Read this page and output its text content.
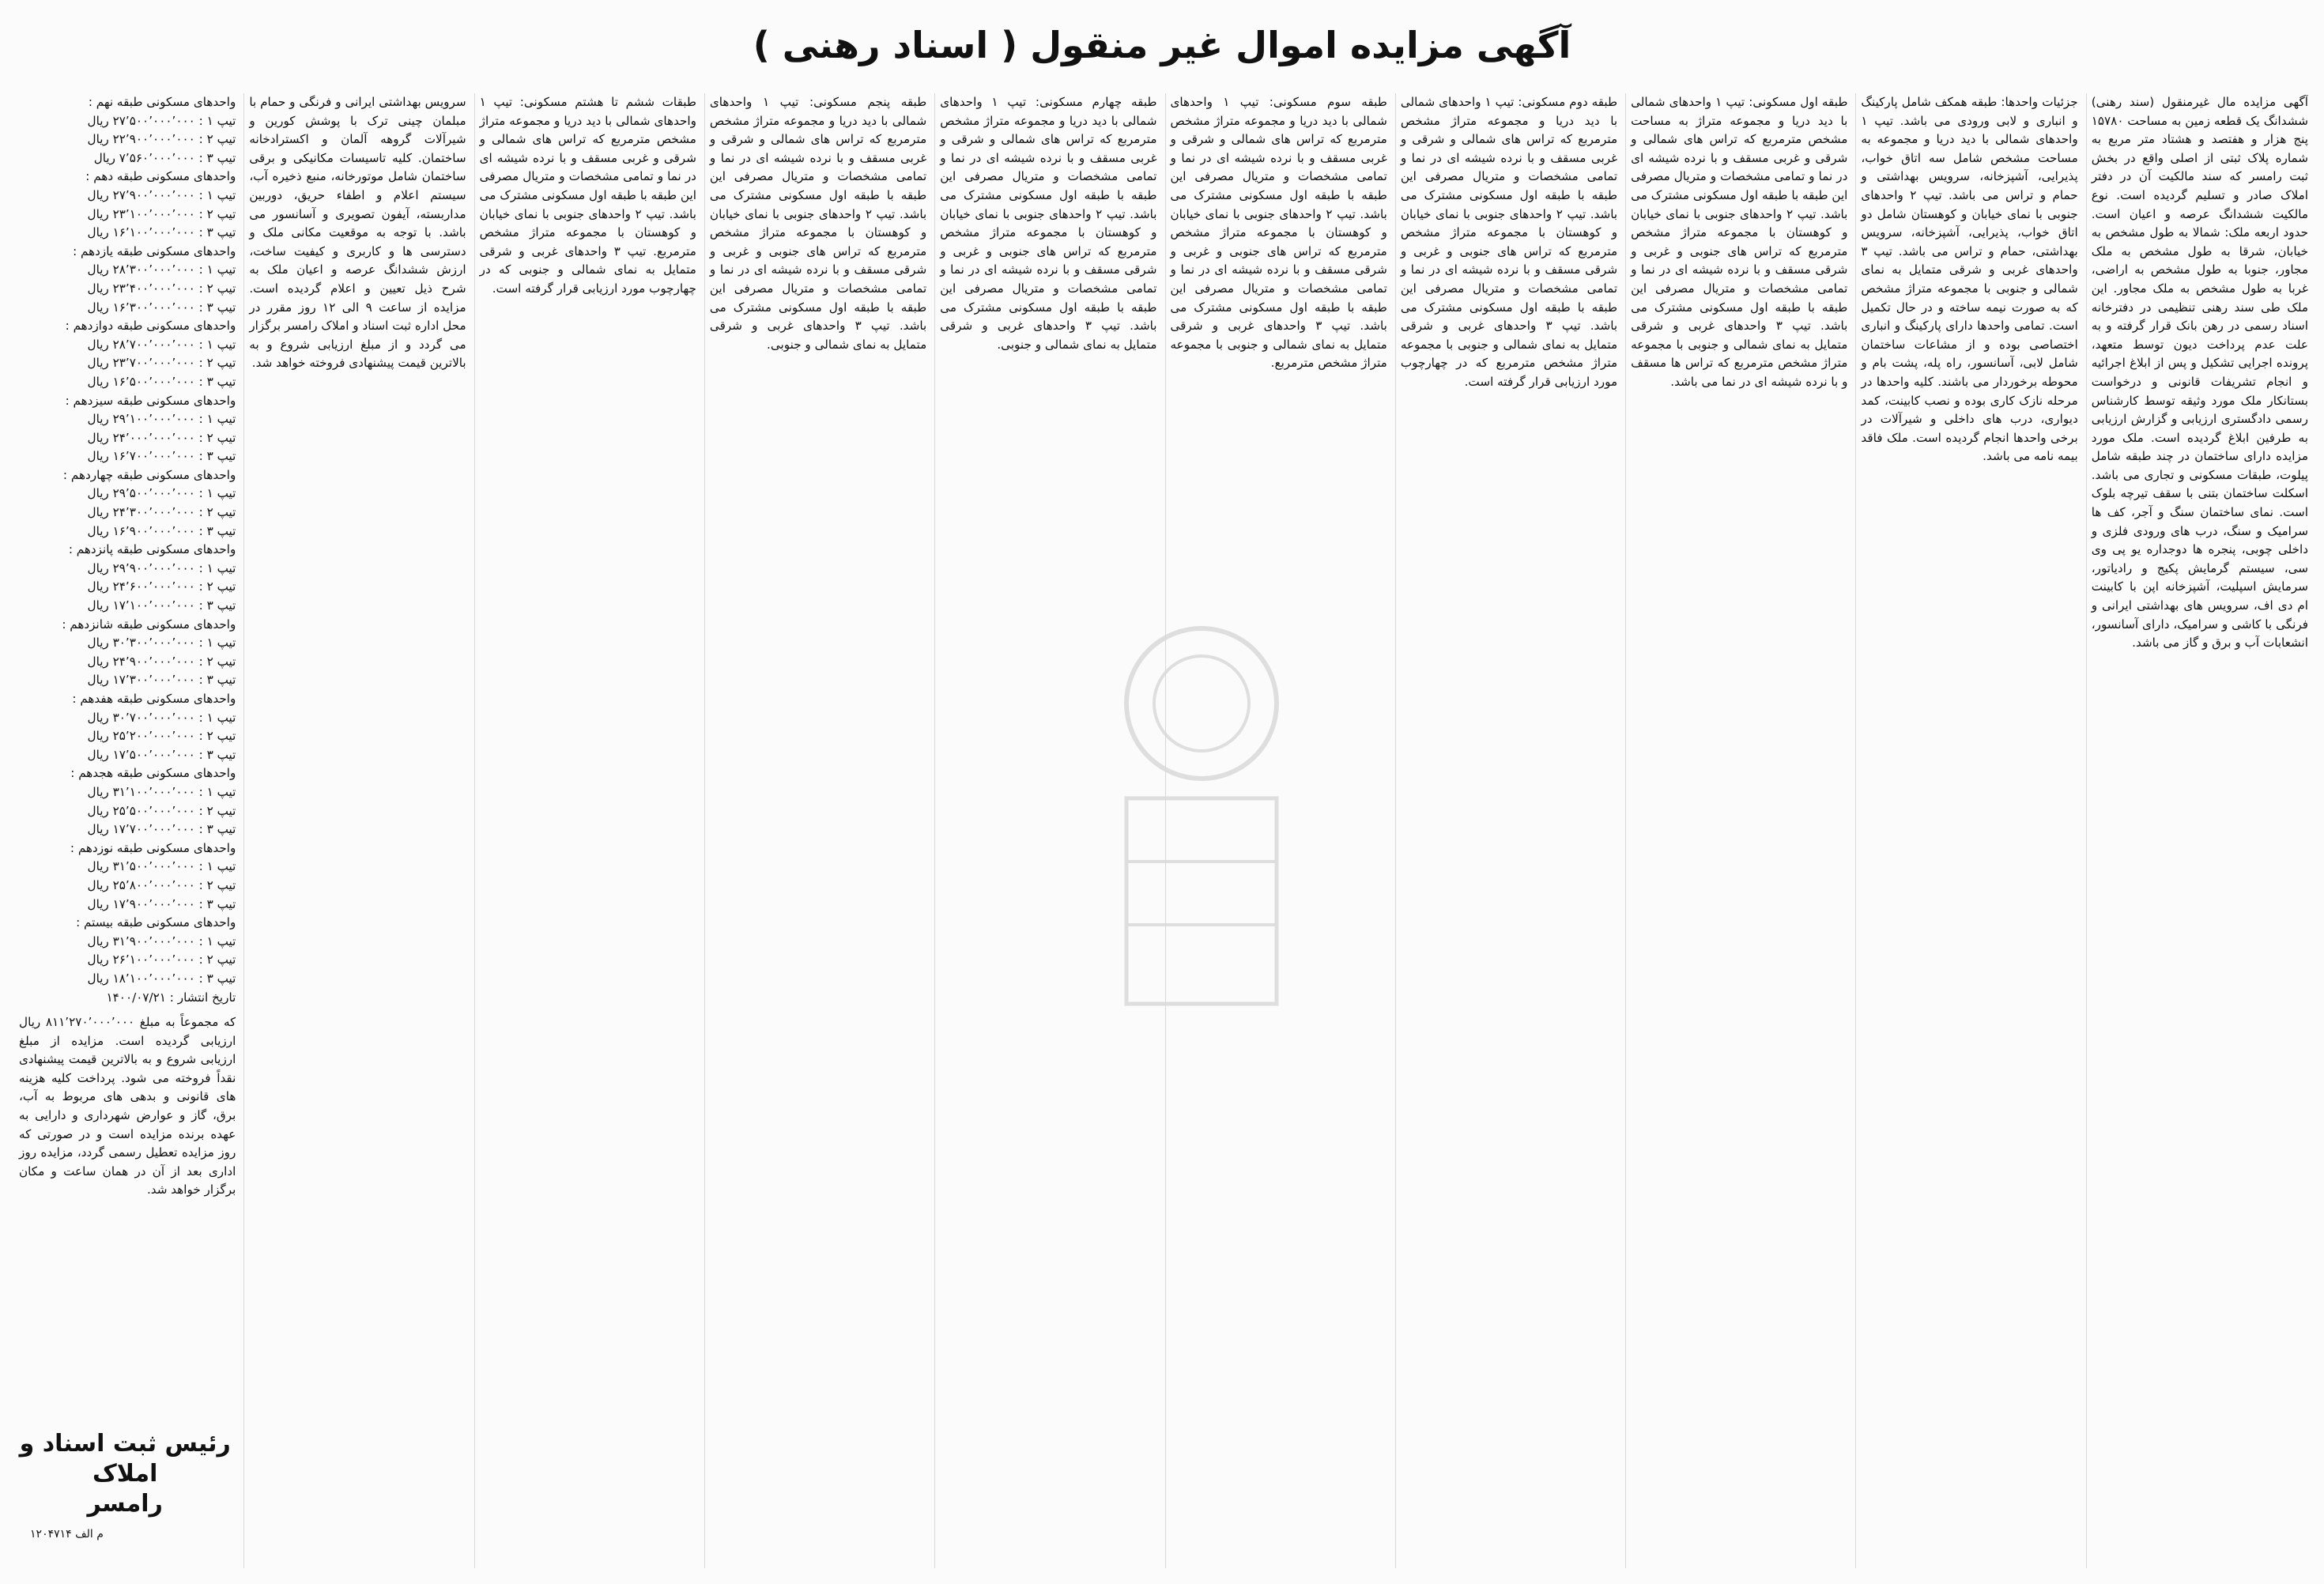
آگهی مزایده اموال غیر منقول ( اسناد رهنی )

آگهی مزایده مال غیرمنقول (سند رهنی) ششدانگ یک قطعه زمین به مساحت ۱۵۷۸۰ پنج هزار و هفتصد و هشتاد متر مربع به شماره پلاک ثبتی از اصلی واقع در بخش ثبت رامسر که سند مالکیت آن در دفتر املاک صادر و تسلیم گردیده است. نوع مالکیت ششدانگ عرصه و اعیان است. حدود اربعه ملک: شمالا به طول مشخص به خیابان، شرقا به طول مشخص به ملک مجاور، جنوبا به طول مشخص به اراضی، غربا به طول مشخص به ملک مجاور. این ملک طی سند رهنی تنظیمی در دفترخانه اسناد رسمی در رهن بانک قرار گرفته و به علت عدم پرداخت دیون توسط متعهد، پرونده اجرایی تشکیل و پس از ابلاغ اجرائیه و انجام تشریفات قانونی و درخواست بستانکار ملک مورد وثیقه توسط کارشناس رسمی دادگستری ارزیابی و گزارش ارزیابی به طرفین ابلاغ گردیده است. ملک مورد مزایده دارای ساختمان در چند طبقه شامل پیلوت، طبقات مسکونی و تجاری می باشد. اسکلت ساختمان بتنی با سقف تیرچه بلوک است. نمای ساختمان سنگ و آجر، کف ها سرامیک و سنگ، درب های ورودی فلزی و داخلی چوبی، پنجره ها دوجداره یو پی وی سی، سیستم گرمایش پکیج و رادیاتور، سرمایش اسپلیت، آشپزخانه اپن با کابینت ام دی اف، سرویس های بهداشتی ایرانی و فرنگی با کاشی و سرامیک، دارای آسانسور، انشعابات آب و برق و گاز می باشد.

جزئیات واحدها: طبقه همکف شامل پارکینگ و انباری و لابی ورودی می باشد. تیپ ۱ واحدهای شمالی با دید دریا و مجموعه به مساحت مشخص شامل سه اتاق خواب، پذیرایی، آشپزخانه، سرویس بهداشتی و حمام و تراس می باشد. تیپ ۲ واحدهای جنوبی با نمای خیابان و کوهستان شامل دو اتاق خواب، پذیرایی، آشپزخانه، سرویس بهداشتی، حمام و تراس می باشد. تیپ ۳ واحدهای غربی و شرقی متمایل به نمای شمالی و جنوبی با مجموعه متراژ مشخص که به صورت نیمه ساخته و در حال تکمیل است. تمامی واحدها دارای پارکینگ و انباری اختصاصی بوده و از مشاعات ساختمان شامل لابی، آسانسور، راه پله، پشت بام و محوطه برخوردار می باشند. کلیه واحدها در مرحله نازک کاری بوده و نصب کابینت، کمد دیواری، درب های داخلی و شیرآلات در برخی واحدها انجام گردیده است. ملک فاقد بیمه نامه می باشد.

طبقه اول مسکونی: تیپ ۱ واحدهای شمالی با دید دریا و مجموعه متراژ به مساحت مشخص مترمربع که تراس های شمالی و شرقی و غربی مسقف و با نرده شیشه ای در نما و تمامی مشخصات و متریال مصرفی این طبقه با طبقه اول مسکونی مشترک می باشد. تیپ ۲ واحدهای جنوبی با نمای خیابان و کوهستان با مجموعه متراژ مشخص مترمربع که تراس های جنوبی و غربی و شرقی مسقف و با نرده شیشه ای در نما و تمامی مشخصات و متریال مصرفی این طبقه با طبقه اول مسکونی مشترک می باشد. تیپ ۳ واحدهای غربی و شرقی متمایل به نمای شمالی و جنوبی با مجموعه متراژ مشخص مترمربع که تراس ها مسقف و با نرده شیشه ای در نما می باشد.

طبقه دوم مسکونی: تیپ ۱ واحدهای شمالی با دید دریا و مجموعه متراژ مشخص مترمربع که تراس های شمالی و شرقی و غربی مسقف و با نرده شیشه ای در نما و تمامی مشخصات و متریال مصرفی این طبقه با طبقه اول مسکونی مشترک می باشد. تیپ ۲ واحدهای جنوبی با نمای خیابان و کوهستان با مجموعه متراژ مشخص مترمربع که تراس های جنوبی و غربی و شرقی مسقف و با نرده شیشه ای در نما و تمامی مشخصات و متریال مصرفی این طبقه با طبقه اول مسکونی مشترک می باشد. تیپ ۳ واحدهای غربی و شرقی متمایل به نمای شمالی و جنوبی با مجموعه متراژ مشخص مترمربع که در چهارچوب مورد ارزیابی قرار گرفته است.

طبقه سوم مسکونی: تیپ ۱ واحدهای شمالی با دید دریا و مجموعه متراژ مشخص مترمربع که تراس های شمالی و شرقی و غربی مسقف و با نرده شیشه ای در نما و تمامی مشخصات و متریال مصرفی این طبقه با طبقه اول مسکونی مشترک می باشد. تیپ ۲ واحدهای جنوبی با نمای خیابان و کوهستان با مجموعه متراژ مشخص مترمربع که تراس های جنوبی و غربی و شرقی مسقف و با نرده شیشه ای در نما و تمامی مشخصات و متریال مصرفی این طبقه با طبقه اول مسکونی مشترک می باشد. تیپ ۳ واحدهای غربی و شرقی متمایل به نمای شمالی و جنوبی با مجموعه متراژ مشخص مترمربع.

طبقه چهارم مسکونی: تیپ ۱ واحدهای شمالی با دید دریا و مجموعه متراژ مشخص مترمربع که تراس های شمالی و شرقی و غربی مسقف و با نرده شیشه ای در نما و تمامی مشخصات و متریال مصرفی این طبقه با طبقه اول مسکونی مشترک می باشد. تیپ ۲ واحدهای جنوبی با نمای خیابان و کوهستان با مجموعه متراژ مشخص مترمربع که تراس های جنوبی و غربی و شرقی مسقف و با نرده شیشه ای در نما و تمامی مشخصات و متریال مصرفی این طبقه با طبقه اول مسکونی مشترک می باشد. تیپ ۳ واحدهای غربی و شرقی متمایل به نمای شمالی و جنوبی.

طبقه پنجم مسکونی: تیپ ۱ واحدهای شمالی با دید دریا و مجموعه متراژ مشخص مترمربع که تراس های شمالی و شرقی و غربی مسقف و با نرده شیشه ای در نما و تمامی مشخصات و متریال مصرفی این طبقه با طبقه اول مسکونی مشترک می باشد. تیپ ۲ واحدهای جنوبی با نمای خیابان و کوهستان با مجموعه متراژ مشخص مترمربع که تراس های جنوبی و غربی و شرقی مسقف و با نرده شیشه ای در نما و تمامی مشخصات و متریال مصرفی این طبقه با طبقه اول مسکونی مشترک می باشد. تیپ ۳ واحدهای غربی و شرقی متمایل به نمای شمالی و جنوبی.

طبقات ششم تا هشتم مسکونی: تیپ ۱ واحدهای شمالی با دید دریا و مجموعه متراژ مشخص مترمربع که تراس های شمالی و شرقی و غربی مسقف و با نرده شیشه ای در نما و تمامی مشخصات و متریال مصرفی این طبقه با طبقه اول مسکونی مشترک می باشد. تیپ ۲ واحدهای جنوبی با نمای خیابان و کوهستان با مجموعه متراژ مشخص مترمربع. تیپ ۳ واحدهای غربی و شرقی متمایل به نمای شمالی و جنوبی که در چهارچوب مورد ارزیابی قرار گرفته است.

سرویس بهداشتی ایرانی و فرنگی و حمام با مبلمان چینی ترک با پوشش کورین و شیرآلات گروهه آلمان و اکسترادخانه ساختمان. کلیه تاسیسات مکانیکی و برقی ساختمان شامل موتورخانه، منبع ذخیره آب، سیستم اعلام و اطفاء حریق، دوربین مداربسته، آیفون تصویری و آسانسور می باشد. با توجه به موقعیت مکانی ملک و دسترسی ها و کاربری و کیفیت ساخت، ارزش ششدانگ عرصه و اعیان ملک به شرح ذیل تعیین و اعلام گردیده است. مزایده از ساعت ۹ الی ۱۲ روز مقرر در محل اداره ثبت اسناد و املاک رامسر برگزار می گردد و از مبلغ ارزیابی شروع و به بالاترین قیمت پیشنهادی فروخته خواهد شد.

واحدهای مسکونی طبقه نهم :
تیپ ۱ : ۲۷٬۵۰۰٬۰۰۰٬۰۰۰ ریال
تیپ ۲ : ۲۲٬۹۰۰٬۰۰۰٬۰۰۰ ریال
تیپ ۳ : ۷٬۵۶۰٬۰۰۰٬۰۰۰ ریال
واحدهای مسکونی طبقه دهم :
تیپ ۱ : ۲۷٬۹۰۰٬۰۰۰٬۰۰۰ ریال
تیپ ۲ : ۲۳٬۱۰۰٬۰۰۰٬۰۰۰ ریال
تیپ ۳ : ۱۶٬۱۰۰٬۰۰۰٬۰۰۰ ریال
واحدهای مسکونی طبقه یازدهم :
تیپ ۱ : ۲۸٬۳۰۰٬۰۰۰٬۰۰۰ ریال
تیپ ۲ : ۲۳٬۴۰۰٬۰۰۰٬۰۰۰ ریال
تیپ ۳ : ۱۶٬۳۰۰٬۰۰۰٬۰۰۰ ریال
واحدهای مسکونی طبقه دوازدهم :
تیپ ۱ : ۲۸٬۷۰۰٬۰۰۰٬۰۰۰ ریال
تیپ ۲ : ۲۳٬۷۰۰٬۰۰۰٬۰۰۰ ریال
تیپ ۳ : ۱۶٬۵۰۰٬۰۰۰٬۰۰۰ ریال
واحدهای مسکونی طبقه سیزدهم :
تیپ ۱ : ۲۹٬۱۰۰٬۰۰۰٬۰۰۰ ریال
تیپ ۲ : ۲۴٬۰۰۰٬۰۰۰٬۰۰۰ ریال
تیپ ۳ : ۱۶٬۷۰۰٬۰۰۰٬۰۰۰ ریال
واحدهای مسکونی طبقه چهاردهم :
تیپ ۱ : ۲۹٬۵۰۰٬۰۰۰٬۰۰۰ ریال
تیپ ۲ : ۲۴٬۳۰۰٬۰۰۰٬۰۰۰ ریال
تیپ ۳ : ۱۶٬۹۰۰٬۰۰۰٬۰۰۰ ریال
واحدهای مسکونی طبقه پانزدهم :
تیپ ۱ : ۲۹٬۹۰۰٬۰۰۰٬۰۰۰ ریال
تیپ ۲ : ۲۴٬۶۰۰٬۰۰۰٬۰۰۰ ریال
تیپ ۳ : ۱۷٬۱۰۰٬۰۰۰٬۰۰۰ ریال
واحدهای مسکونی طبقه شانزدهم :
تیپ ۱ : ۳۰٬۳۰۰٬۰۰۰٬۰۰۰ ریال
تیپ ۲ : ۲۴٬۹۰۰٬۰۰۰٬۰۰۰ ریال
تیپ ۳ : ۱۷٬۳۰۰٬۰۰۰٬۰۰۰ ریال
واحدهای مسکونی طبقه هفدهم :
تیپ ۱ : ۳۰٬۷۰۰٬۰۰۰٬۰۰۰ ریال
تیپ ۲ : ۲۵٬۲۰۰٬۰۰۰٬۰۰۰ ریال
تیپ ۳ : ۱۷٬۵۰۰٬۰۰۰٬۰۰۰ ریال
واحدهای مسکونی طبقه هجدهم :
تیپ ۱ : ۳۱٬۱۰۰٬۰۰۰٬۰۰۰ ریال
تیپ ۲ : ۲۵٬۵۰۰٬۰۰۰٬۰۰۰ ریال
تیپ ۳ : ۱۷٬۷۰۰٬۰۰۰٬۰۰۰ ریال
واحدهای مسکونی طبقه نوزدهم :
تیپ ۱ : ۳۱٬۵۰۰٬۰۰۰٬۰۰۰ ریال
تیپ ۲ : ۲۵٬۸۰۰٬۰۰۰٬۰۰۰ ریال
تیپ ۳ : ۱۷٬۹۰۰٬۰۰۰٬۰۰۰ ریال
واحدهای مسکونی طبقه بیستم :
تیپ ۱ : ۳۱٬۹۰۰٬۰۰۰٬۰۰۰ ریال
تیپ ۲ : ۲۶٬۱۰۰٬۰۰۰٬۰۰۰ ریال
تیپ ۳ : ۱۸٬۱۰۰٬۰۰۰٬۰۰۰ ریال
تاریخ انتشار : ۱۴۰۰/۰۷/۲۱

که مجموعاً به مبلغ ۸۱۱٬۲۷۰٬۰۰۰٬۰۰۰ ریال ارزیابی گردیده است. مزایده از مبلغ ارزیابی شروع و به بالاترین قیمت پیشنهادی نقداً فروخته می شود. پرداخت کلیه هزینه های قانونی و بدهی های مربوط به آب، برق، گاز و عوارض شهرداری و دارایی به عهده برنده مزایده است و در صورتی که روز مزایده تعطیل رسمی گردد، مزایده روز اداری بعد از آن در همان ساعت و مکان برگزار خواهد شد.

رئیس ثبت اسناد و املاک
رامسر
م الف ۱۲۰۴۷۱۴
